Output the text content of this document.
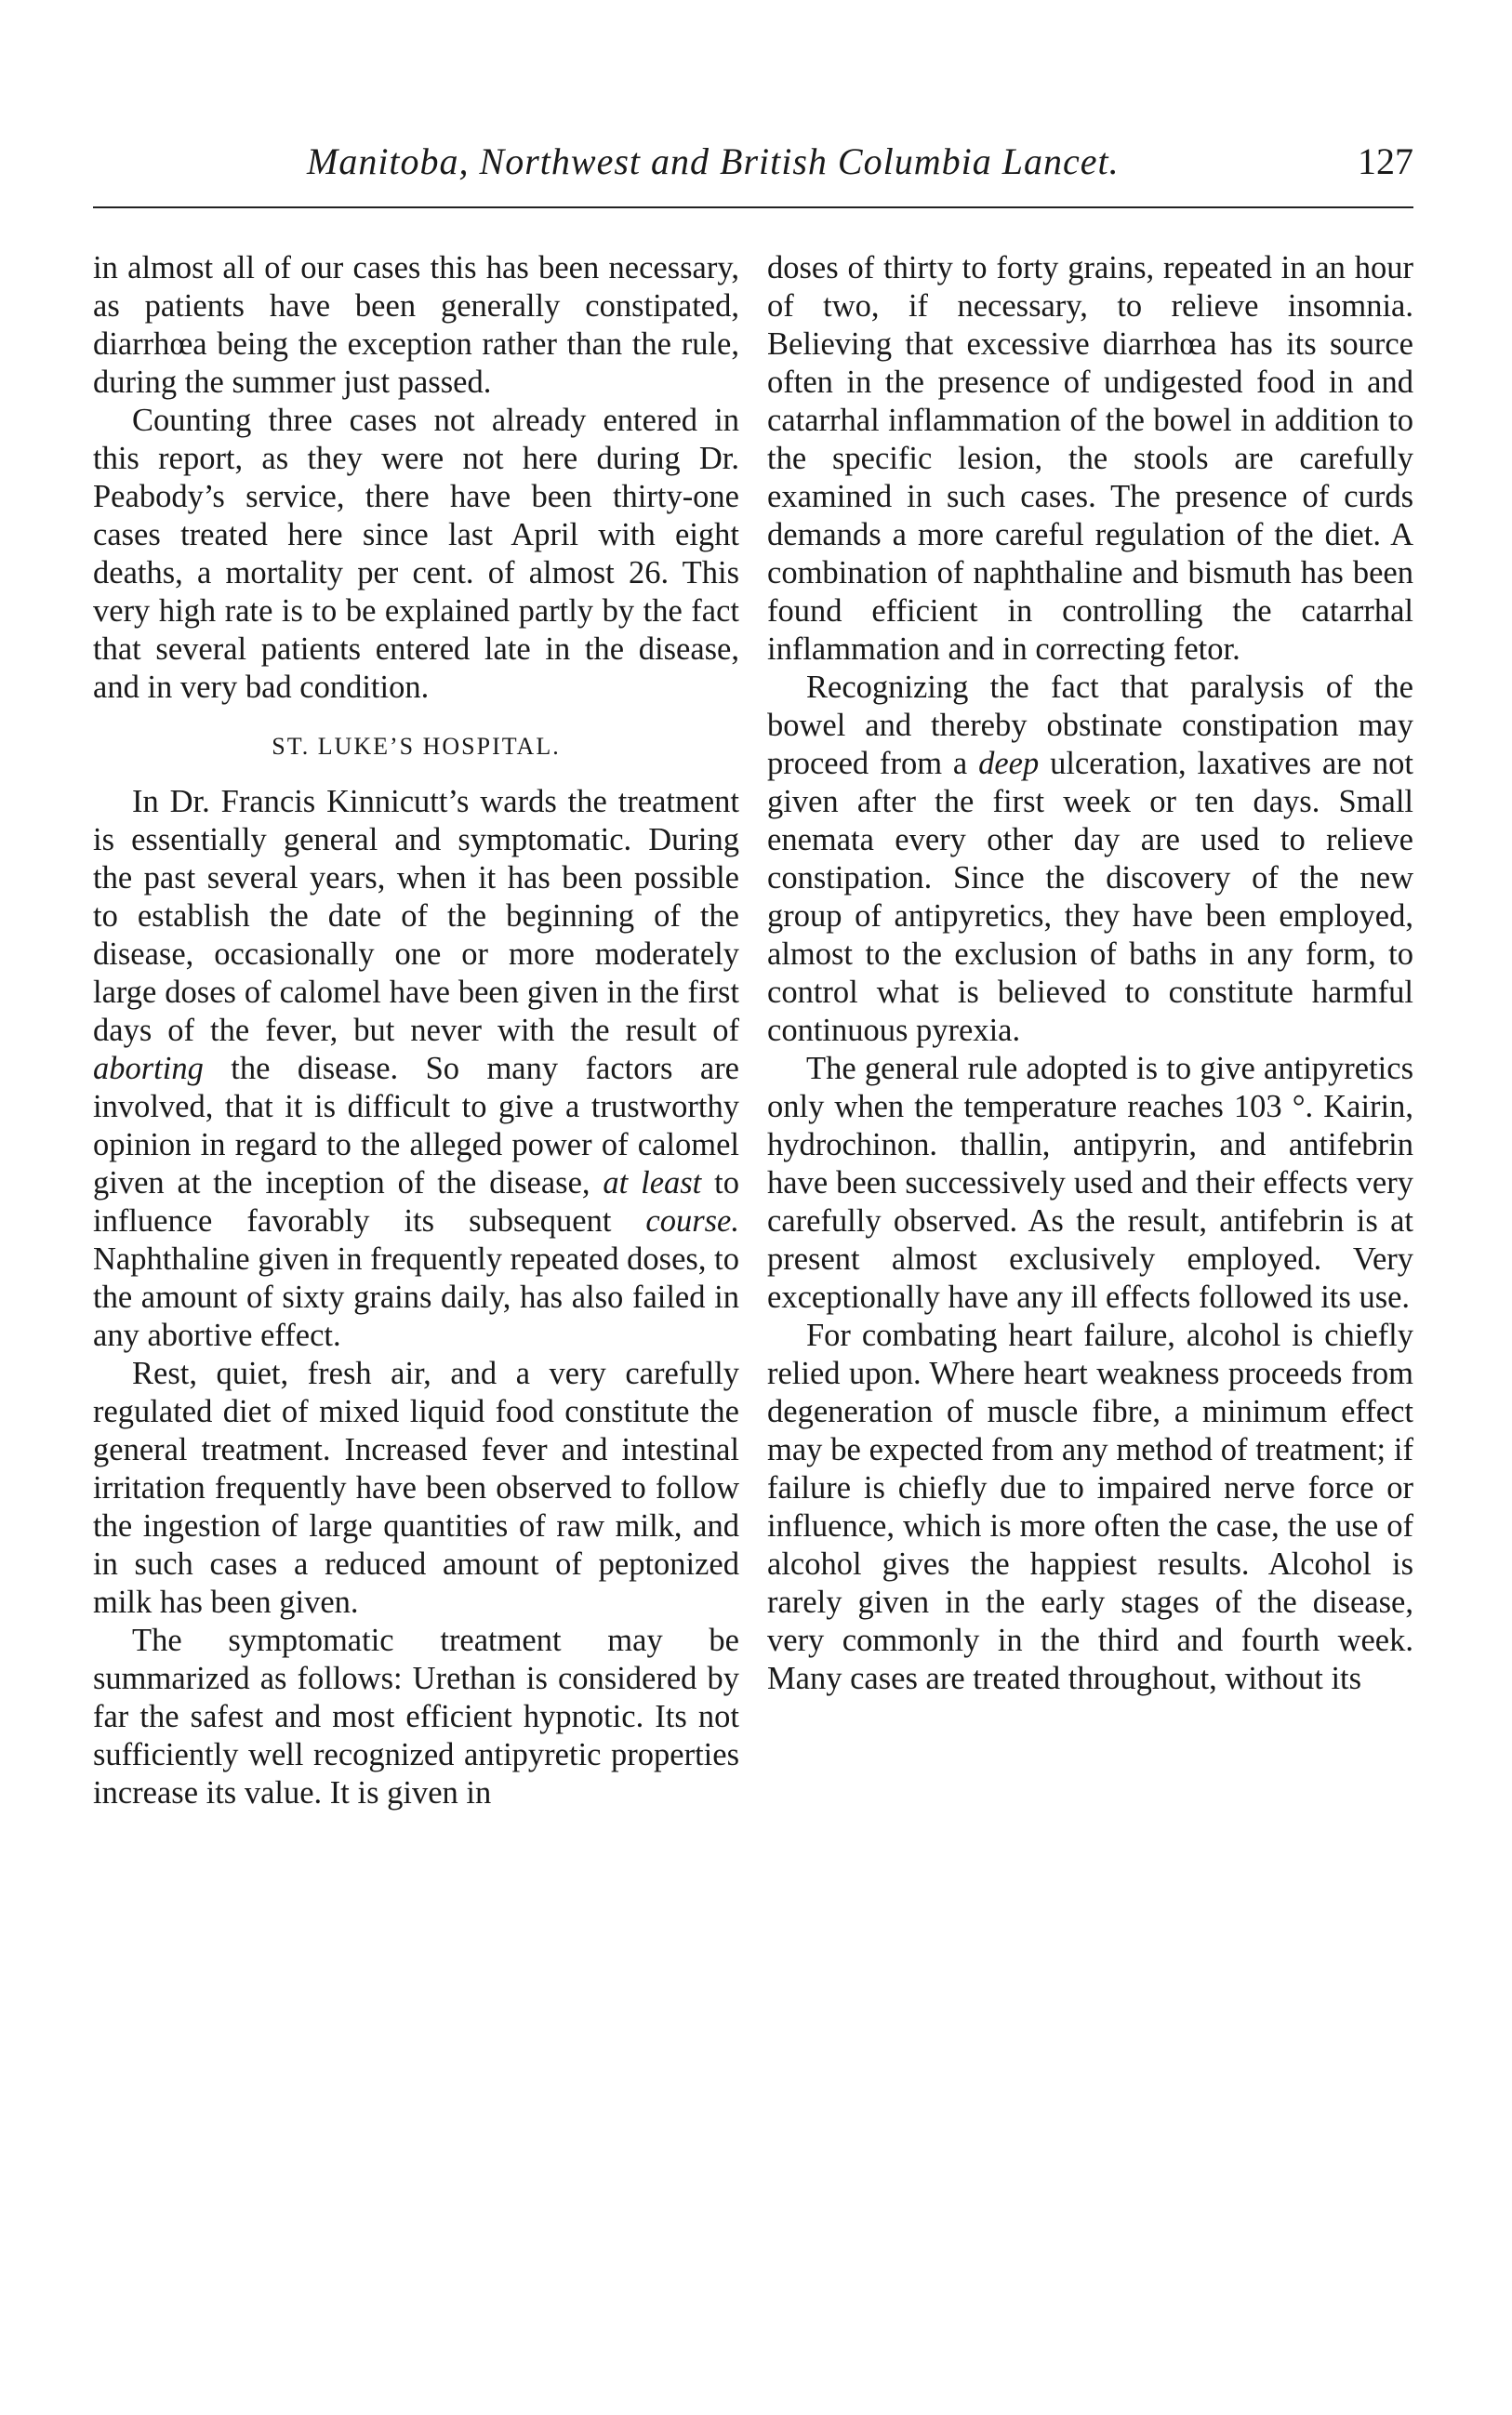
Manitoba, Northwest and British Columbia Lancet.	127

in almost all of our cases this has been necessary, as patients have been generally constipated, diarrhœa being the exception rather than the rule, during the summer just passed.

Counting three cases not already entered in this report, as they were not here during Dr. Peabody’s service, there have been thirty-one cases treated here since last April with eight deaths, a mortality per cent. of almost 26. This very high rate is to be explained partly by the fact that several patients entered late in the disease, and in very bad condition.

ST. LUKE’S HOSPITAL.

In Dr. Francis Kinnicutt’s wards the treatment is essentially general and symptomatic. During the past several years, when it has been possible to establish the date of the beginning of the disease, occasionally one or more moderately large doses of calomel have been given in the first days of the fever, but never with the result of aborting the disease. So many factors are involved, that it is difficult to give a trustworthy opinion in regard to the alleged power of calomel given at the inception of the disease, at least to influence favorably its subsequent course. Naphthaline given in frequently repeated doses, to the amount of sixty grains daily, has also failed in any abortive effect.

Rest, quiet, fresh air, and a very carefully regulated diet of mixed liquid food constitute the general treatment. Increased fever and intestinal irritation frequently have been observed to follow the ingestion of large quantities of raw milk, and in such cases a reduced amount of peptonized milk has been given.

The symptomatic treatment may be summarized as follows: Urethan is considered by far the safest and most efficient hypnotic. Its not sufficiently well recognized antipyretic properties increase its value. It is given in

doses of thirty to forty grains, repeated in an hour of two, if necessary, to relieve insomnia. Believing that excessive diarrhœa has its source often in the presence of undigested food in and catarrhal inflammation of the bowel in addition to the specific lesion, the stools are carefully examined in such cases. The presence of curds demands a more careful regulation of the diet. A combination of naphthaline and bismuth has been found efficient in controlling the catarrhal inflammation and in correcting fetor.

Recognizing the fact that paralysis of the bowel and thereby obstinate constipation may proceed from a deep ulceration, laxatives are not given after the first week or ten days. Small enemata every other day are used to relieve constipation. Since the discovery of the new group of antipyretics, they have been employed, almost to the exclusion of baths in any form, to control what is believed to constitute harmful continuous pyrexia.

The general rule adopted is to give antipyretics only when the temperature reaches 103 °. Kairin, hydrochinon. thallin, antipyrin, and antifebrin have been successively used and their effects very carefully observed. As the result, antifebrin is at present almost exclusively employed. Very exceptionally have any ill effects followed its use.

For combating heart failure, alcohol is chiefly relied upon. Where heart weakness proceeds from degeneration of muscle fibre, a minimum effect may be expected from any method of treatment; if failure is chiefly due to impaired nerve force or influence, which is more often the case, the use of alcohol gives the happiest results. Alcohol is rarely given in the early stages of the disease, very commonly in the third and fourth week. Many cases are treated throughout, without its
